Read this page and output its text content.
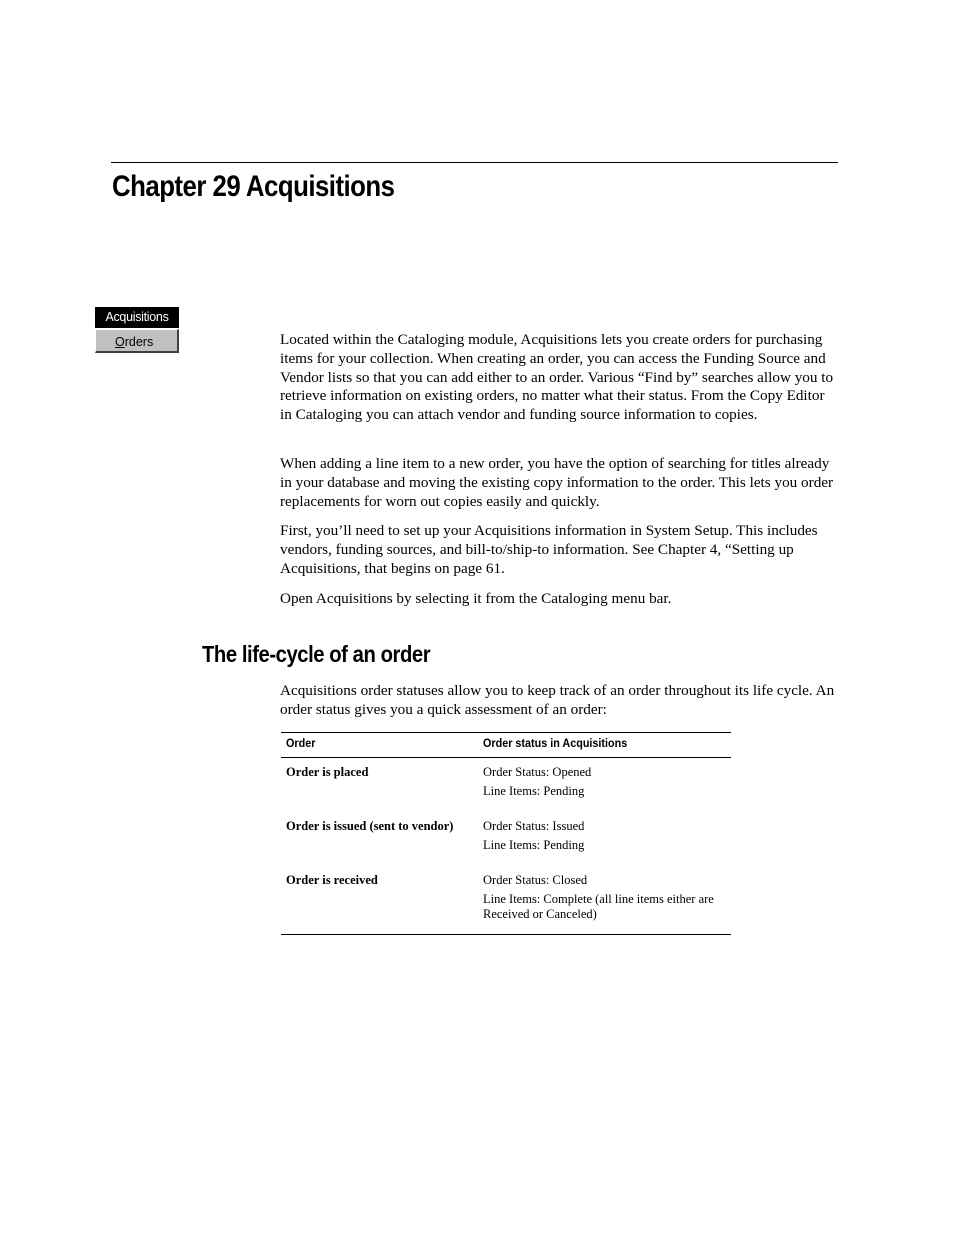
Chapter 29 Acquisitions
Acquisitions
Orders	Located within the Cataloging module, Acquisitions lets you create orders for purchasing items for your collection. When creating an order, you can access the Funding Source and Vendor lists so that you can add either to an order. Various “Find by” searches allow you to retrieve information on existing orders, no matter what their status. From the Copy Editor in Cataloging you can attach vendor and funding source information to copies.

When adding a line item to a new order, you have the option of searching for titles already in your database and moving the existing copy information to the order. This lets you order replacements for worn out copies easily and quickly.

First, you’ll need to set up your Acquisitions information in System Setup. This includes vendors, funding sources, and bill-to/ship-to information. See Chapter 4, “Setting up Acquisitions, that begins on page 61.

Open Acquisitions by selecting it from the Cataloging menu bar.

The life-cycle of an order

Acquisitions order statuses allow you to keep track of an order throughout its life cycle. An order status gives you a quick assessment of an order:

Order	Order status in Acquisitions
Order is placed	Order Status: Opened
Line Items: Pending
Order is issued (sent to vendor) Order Status: Issued
Line Items: Pending
Order is received	Order Status: Closed
Line Items: Complete (all line items either are Received or Canceled)
